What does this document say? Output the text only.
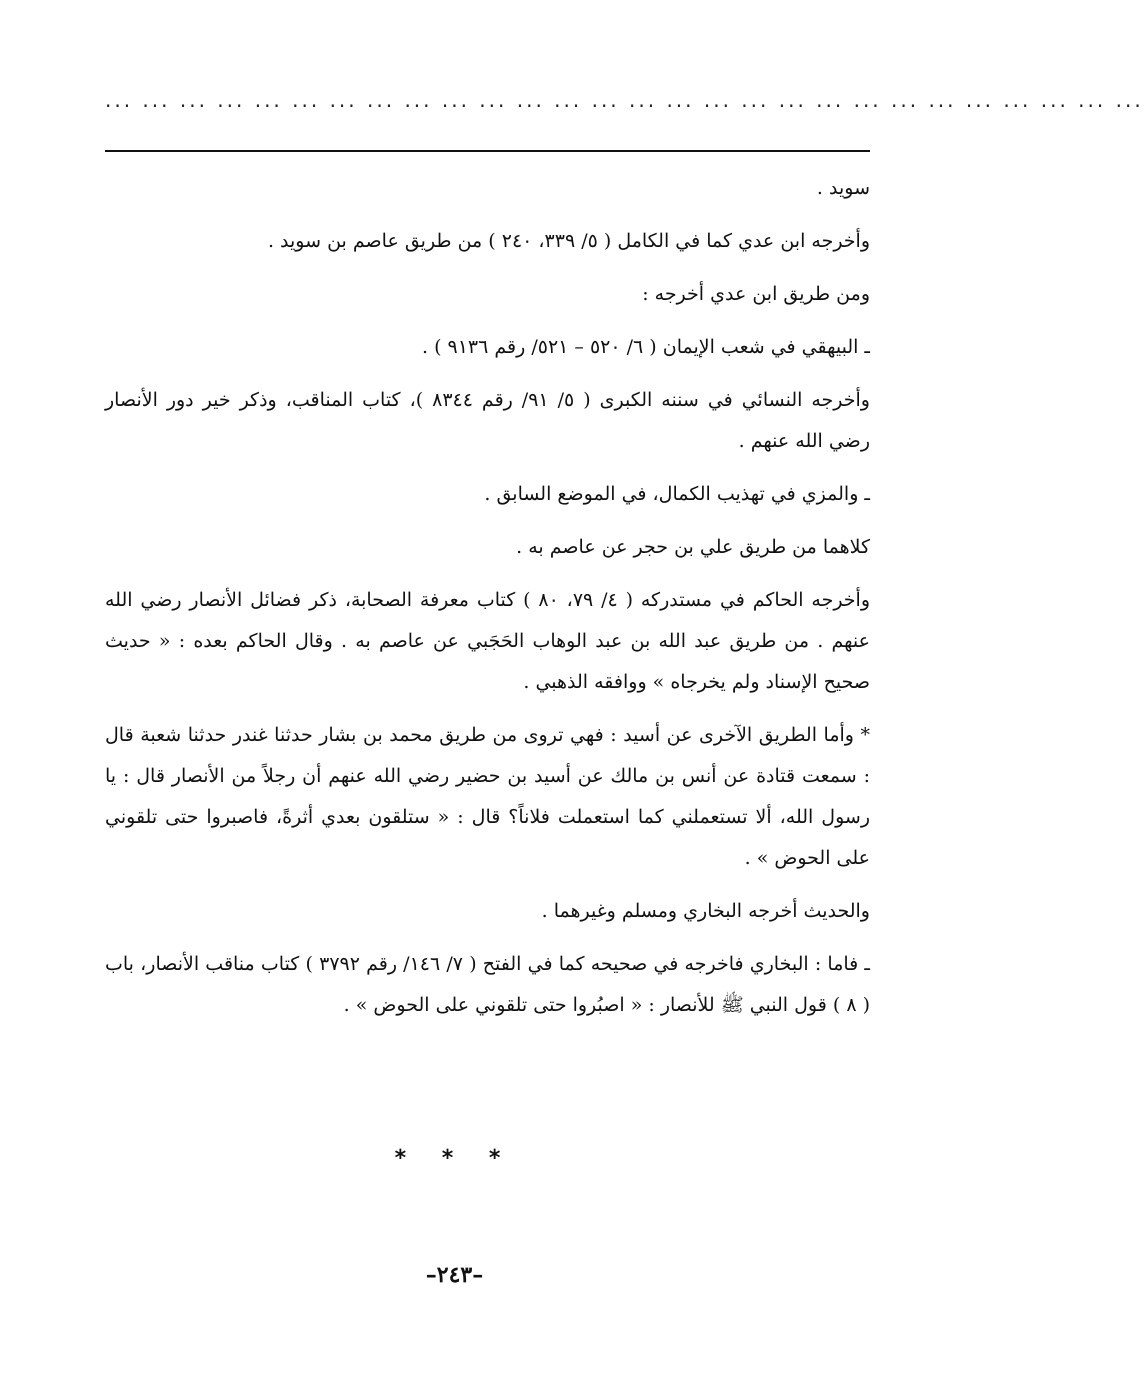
... ... ... ... ... ... ... ... ... ... ... ... ... ... ... ... ... ... ... ... ... ... ... ... ... ... ... ...

سويد .

وأخرجه ابن عدي كما في الكامل ( ٥/ ٣٣٩، ٢٤٠ ) من طريق عاصم بن سويد .

ومن طريق ابن عدي أخرجه :

ـ البيهقي في شعب الإيمان ( ٦/ ٥٢٠ – ٥٢١/ رقم ٩١٣٦ ) .

وأخرجه النسائي في سننه الكبرى ( ٥/ ٩١/ رقم ٨٣٤٤ )، كتاب المناقب، وذكر خير دور الأنصار رضي الله عنهم .

ـ والمزي في تهذيب الكمال، في الموضع السابق .

كلاهما من طريق علي بن حجر عن عاصم به .

وأخرجه الحاكم في مستدركه ( ٤/ ٧٩، ٨٠ ) كتاب معرفة الصحابة، ذكر فضائل الأنصار رضي الله عنهم . من طريق عبد الله بن عبد الوهاب الحَجَبي عن عاصم به . وقال الحاكم بعده : « حديث صحيح الإسناد ولم يخرجاه » ووافقه الذهبي .

* وأما الطريق الآخرى عن أسيد : فهي تروى من طريق محمد بن بشار حدثنا غندر حدثنا شعبة قال : سمعت قتادة عن أنس بن مالك عن أسيد بن حضير رضي الله عنهم أن رجلاً من الأنصار قال : يا رسول الله، ألا تستعملني كما استعملت فلاناً؟ قال : « ستلقون بعدي أثرةً، فاصبروا حتى تلقوني على الحوض » .

والحديث أخرجه البخاري ومسلم وغيرهما .

ـ فاما : البخاري فاخرجه في صحيحه كما في الفتح ( ٧/ ١٤٦/ رقم ٣٧٩٢ ) كتاب مناقب الأنصار، باب ( ٨ ) قول النبي ﷺ للأنصار : « اصبُروا حتى تلقوني على الحوض » .

* * *
–٢٤٣–
